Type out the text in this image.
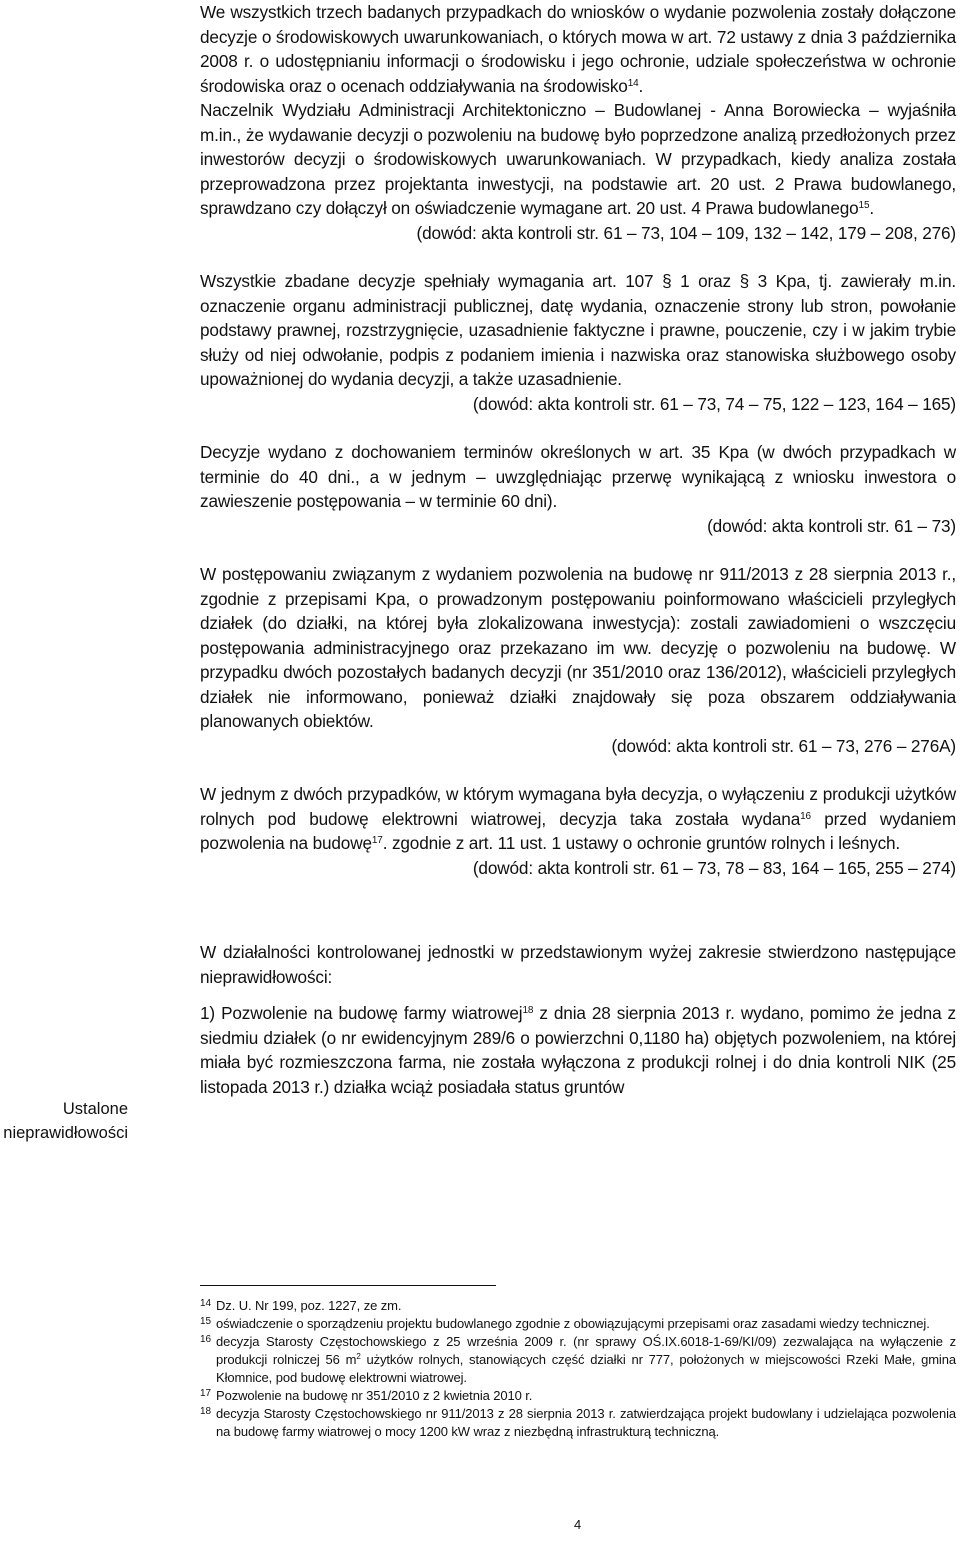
We wszystkich trzech badanych przypadkach do wniosków o wydanie pozwolenia zostały dołączone decyzje o środowiskowych uwarunkowaniach, o których mowa w art. 72 ustawy z dnia 3 października 2008 r. o udostępnianiu informacji o środowisku i jego ochronie, udziale społeczeństwa w ochronie środowiska oraz o ocenach oddziaływania na środowisko$^{14}$.

Naczelnik Wydziału Administracji Architektoniczno – Budowlanej - Anna Borowiecka – wyjaśniła m.in., że wydawanie decyzji o pozwoleniu na budowę było poprzedzone analizą przedłożonych przez inwestorów decyzji o środowiskowych uwarunkowaniach. W przypadkach, kiedy analiza została przeprowadzona przez projektanta inwestycji, na podstawie art. 20 ust. 2 Prawa budowlanego, sprawdzano czy dołączył on oświadczenie wymagane art. 20 ust. 4 Prawa budowlanego$^{15}$.

(dowód: akta kontroli str. 61 – 73, 104 – 109, 132 – 142, 179 – 208, 276)

Wszystkie zbadane decyzje spełniały wymagania art. 107 § 1 oraz § 3 Kpa, tj. zawierały m.in. oznaczenie organu administracji publicznej, datę wydania, oznaczenie strony lub stron, powołanie podstawy prawnej, rozstrzygnięcie, uzasadnienie faktyczne i prawne, pouczenie, czy i w jakim trybie służy od niej odwołanie, podpis z podaniem imienia i nazwiska oraz stanowiska służbowego osoby upoważnionej do wydania decyzji, a także uzasadnienie.

(dowód: akta kontroli str. 61 – 73, 74 – 75, 122 – 123, 164 – 165)

Decyzje wydano z dochowaniem terminów określonych w art. 35 Kpa (w dwóch przypadkach w terminie do 40 dni., a w jednym – uwzględniając przerwę wynikającą z wniosku inwestora o zawieszenie postępowania – w terminie 60 dni).

(dowód: akta kontroli str. 61 – 73)

W postępowaniu związanym z wydaniem pozwolenia na budowę nr 911/2013 z 28 sierpnia 2013 r., zgodnie z przepisami Kpa, o prowadzonym postępowaniu poinformowano właścicieli przyległych działek (do działki, na której była zlokalizowana inwestycja): zostali zawiadomieni o wszczęciu postępowania administracyjnego oraz przekazano im ww. decyzję o pozwoleniu na budowę. W przypadku dwóch pozostałych badanych decyzji (nr 351/2010 oraz 136/2012), właścicieli przyległych działek nie informowano, ponieważ działki znajdowały się poza obszarem oddziaływania planowanych obiektów.

(dowód: akta kontroli str. 61 – 73, 276 – 276A)

W jednym z dwóch przypadków, w którym wymagana była decyzja, o wyłączeniu z produkcji użytków rolnych pod budowę elektrowni wiatrowej, decyzja taka została wydana$^{16}$ przed wydaniem pozwolenia na budowę$^{17}$. zgodnie z art. 11 ust. 1 ustawy o ochronie gruntów rolnych i leśnych.

(dowód: akta kontroli str. 61 – 73, 78 – 83, 164 – 165, 255 – 274)

W działalności kontrolowanej jednostki w przedstawionym wyżej zakresie stwierdzono następujące nieprawidłowości:

1) Pozwolenie na budowę farmy wiatrowej$^{18}$ z dnia 28 sierpnia 2013 r. wydano, pomimo że jedna z siedmiu działek (o nr ewidencyjnym 289/6 o powierzchni 0,1180 ha) objętych pozwoleniem, na której miała być rozmieszczona farma, nie została wyłączona z produkcji rolnej i do dnia kontroli NIK (25 listopada 2013 r.) działka wciąż posiadała status gruntów

Ustalone nieprawidłowości
14 Dz. U. Nr 199, poz. 1227, ze zm.
15 oświadczenie o sporządzeniu projektu budowlanego zgodnie z obowiązującymi przepisami oraz zasadami wiedzy technicznej.
16 decyzja Starosty Częstochowskiego z 25 września 2009 r. (nr sprawy OŚ.IX.6018-1-69/KI/09) zezwalająca na wyłączenie z produkcji rolniczej 56 $m^2$ użytków rolnych, stanowiących część działki nr 777, położonych w miejscowości Rzeki Małe, gmina Kłomnice, pod budowę elektrowni wiatrowej.
17 Pozwolenie na budowę nr 351/2010 z 2 kwietnia 2010 r.
18 decyzja Starosty Częstochowskiego nr 911/2013 z 28 sierpnia 2013 r. zatwierdzająca projekt budowlany i udzielająca pozwolenia na budowę farmy wiatrowej o mocy 1200 kW wraz z niezbędną infrastrukturą techniczną.
4
